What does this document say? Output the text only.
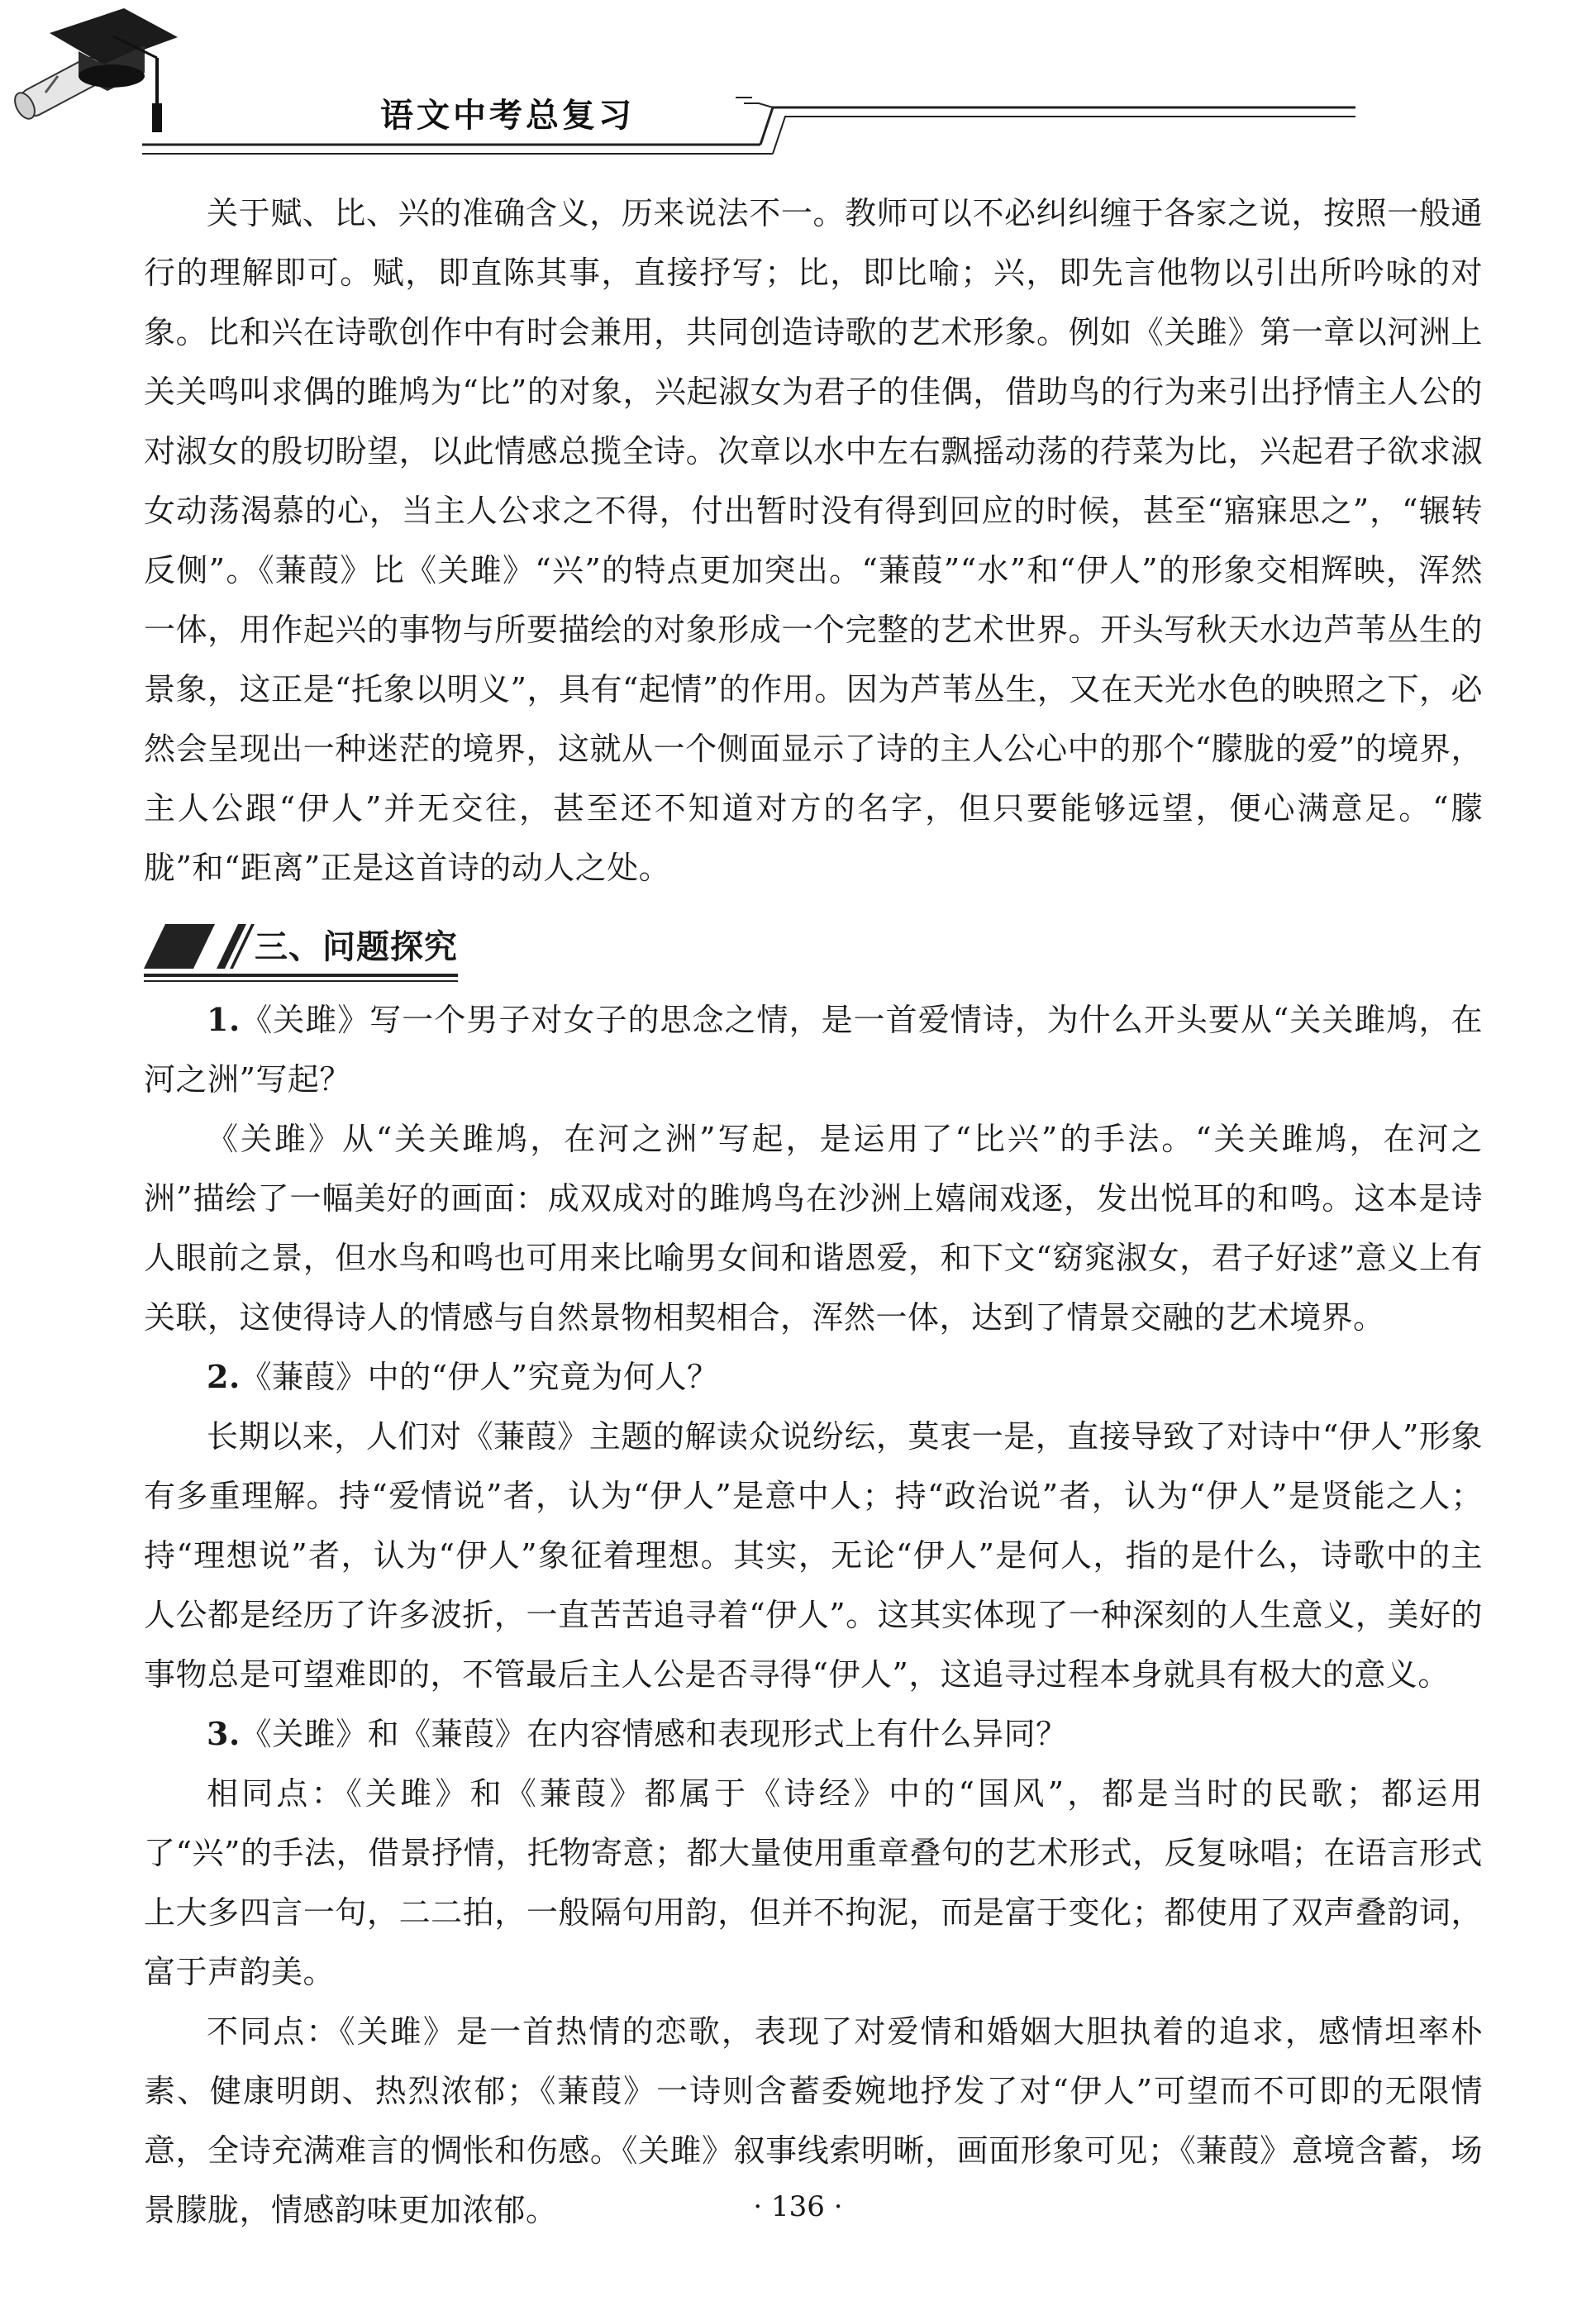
语文中考总复习

关于赋、比、兴的准确含义，历来说法不一。教师可以不必纠纠缠于各家之说，按照一般通行的理解即可。赋，即直陈其事，直接抒写；比，即比喻；兴，即先言他物以引出所吟咏的对象。比和兴在诗歌创作中有时会兼用，共同创造诗歌的艺术形象。例如《关雎》第一章以河洲上关关鸣叫求偶的雎鸠为“比”的对象，兴起淑女为君子的佳偶，借助鸟的行为来引出抒情主人公的对淑女的殷切盼望，以此情感总揽全诗。次章以水中左右飘摇动荡的荇菜为比，兴起君子欲求淑女动荡渴慕的心，当主人公求之不得，付出暂时没有得到回应的时候，甚至“寤寐思之”，“辗转反侧”。《蒹葭》比《关雎》“兴”的特点更加突出。“蒹葭”“水”和“伊人”的形象交相辉映，浑然一体，用作起兴的事物与所要描绘的对象形成一个完整的艺术世界。开头写秋天水边芦苇丛生的景象，这正是“托象以明义”，具有“起情”的作用。因为芦苇丛生，又在天光水色的映照之下，必然会呈现出一种迷茫的境界，这就从一个侧面显示了诗的主人公心中的那个“朦胧的爱”的境界，主人公跟“伊人”并无交往，甚至还不知道对方的名字，但只要能够远望，便心满意足。“朦胧”和“距离”正是这首诗的动人之处。

三、问题探究

1.《关雎》写一个男子对女子的思念之情，是一首爱情诗，为什么开头要从“关关雎鸠，在河之洲”写起？

《关雎》从“关关雎鸠，在河之洲”写起，是运用了“比兴”的手法。“关关雎鸠，在河之洲”描绘了一幅美好的画面：成双成对的雎鸠鸟在沙洲上嬉闹戏逐，发出悦耳的和鸣。这本是诗人眼前之景，但水鸟和鸣也可用来比喻男女间和谐恩爱，和下文“窈窕淑女，君子好逑”意义上有关联，这使得诗人的情感与自然景物相契相合，浑然一体，达到了情景交融的艺术境界。

2.《蒹葭》中的“伊人”究竟为何人？

长期以来，人们对《蒹葭》主题的解读众说纷纭，莫衷一是，直接导致了对诗中“伊人”形象有多重理解。持“爱情说”者，认为“伊人”是意中人；持“政治说”者，认为“伊人”是贤能之人；持“理想说”者，认为“伊人”象征着理想。其实，无论“伊人”是何人，指的是什么，诗歌中的主人公都是经历了许多波折，一直苦苦追寻着“伊人”。这其实体现了一种深刻的人生意义，美好的事物总是可望难即的，不管最后主人公是否寻得“伊人”，这追寻过程本身就具有极大的意义。

3.《关雎》和《蒹葭》在内容情感和表现形式上有什么异同？

相同点：《关雎》和《蒹葭》都属于《诗经》中的“国风”，都是当时的民歌；都运用了“兴”的手法，借景抒情，托物寄意；都大量使用重章叠句的艺术形式，反复咏唱；在语言形式上大多四言一句，二二拍，一般隔句用韵，但并不拘泥，而是富于变化；都使用了双声叠韵词，富于声韵美。

不同点：《关雎》是一首热情的恋歌，表现了对爱情和婚姻大胆执着的追求，感情坦率朴素、健康明朗、热烈浓郁；《蒹葭》一诗则含蓄委婉地抒发了对“伊人”可望而不可即的无限情意，全诗充满难言的惆怅和伤感。《关雎》叙事线索明晰，画面形象可见；《蒹葭》意境含蓄，场景朦胧，情感韵味更加浓郁。	· 136 ·
